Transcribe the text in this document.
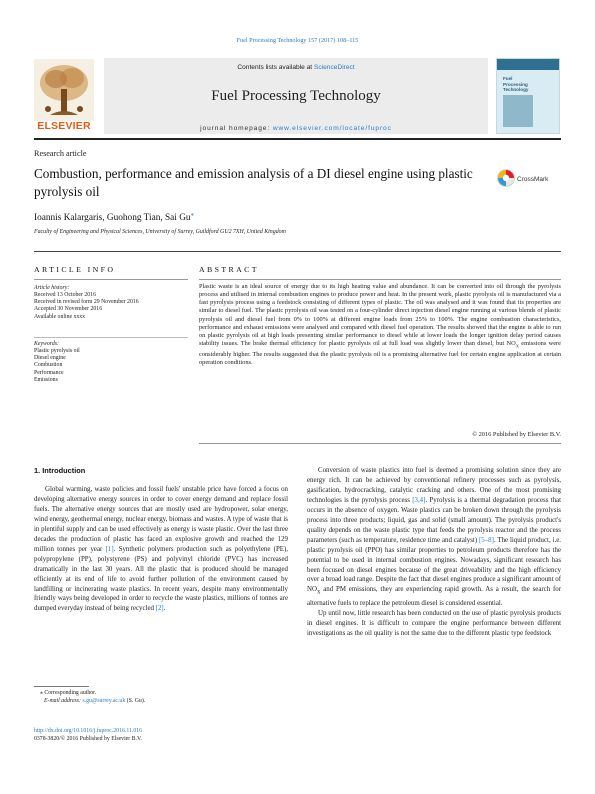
Fuel Processing Technology 157 (2017) 108–115
Contents lists available at ScienceDirect
Fuel Processing Technology
journal homepage: www.elsevier.com/locate/fuproc
ELSEVIER
Fuel
Processing
Technology
Research article
Combustion, performance and emission analysis of a DI diesel engine using plastic pyrolysis oil
CrossMark
Ioannis Kalargaris, Guohong Tian, Sai Gu⁎
Faculty of Engineering and Physical Sciences, University of Surrey, Guildford GU2 7XH, United Kingdom
ARTICLE INFO	ABSTRACT
Article history:
Received 13 October 2016
Received in revised form 29 November 2016
Accepted 30 November 2016
Available online xxxx
Keywords:
Plastic pyrolysis oil
Diesel engine
Combustion
Performance
Emissions
Plastic waste is an ideal source of energy due to its high heating value and abundance. It can be converted into oil through the pyrolysis process and utilised in internal combustion engines to produce power and heat. In the present work, plastic pyrolysis oil is manufactured via a fast pyrolysis process using a feedstock consisting of different types of plastic. The oil was analysed and it was found that its properties are similar to diesel fuel. The plastic pyrolysis oil was tested on a four-cylinder direct injection diesel engine running at various blends of plastic pyrolysis oil and diesel fuel from 0% to 100% at different engine loads from 25% to 100%. The engine combustion characteristics, performance and exhaust emissions were analysed and compared with diesel fuel operation. The results showed that the engine is able to run on plastic pyrolysis oil at high loads presenting similar performance to diesel while at lower loads the longer ignition delay period causes stability issues. The brake thermal efficiency for plastic pyrolysis oil at full load was slightly lower than diesel, but $NO_X$ emissions were considerably higher. The results suggested that the plastic pyrolysis oil is a promising alternative fuel for certain engine application at certain operation conditions.
© 2016 Published by Elsevier B.V.
1. Introduction

Global warming, waste policies and fossil fuels' unstable price have forced a focus on developing alternative energy sources in order to cover energy demand and replace fossil fuels. The alternative energy sources that are mostly used are hydropower, solar energy, wind energy, geothermal energy, nuclear energy, biomass and wastes. A type of waste that is in plentiful supply and can be used effectively as energy is waste plastic. Over the last three decades the production of plastic has faced an explosive growth and reached the 129 million tonnes per year [1]. Synthetic polymers production such as polyethylene (PE), polypropylene (PP), polystyrene (PS) and polyvinyl chloride (PVC) has increased dramatically in the last 30 years. All the plastic that is produced should be managed efficiently at its end of life to avoid further pollution of the environment caused by landfilling or incinerating waste plastics. In recent years, despite many environmentally friendly ways being developed in order to recycle the waste plastics, millions of tonnes are dumped everyday instead of being recycled [2].

Conversion of waste plastics into fuel is deemed a promising solution since they are energy rich. It can be achieved by conventional refinery processes such as pyrolysis, gasification, hydrocracking, catalytic cracking and others. One of the most promising technologies is the pyrolysis process [3,4]. Pyrolysis is a thermal degradation process that occurs in the absence of oxygen. Waste plastics can be broken down through the pyrolysis process into three products; liquid, gas and solid (small amount). The pyrolysis product's quality depends on the waste plastic type that feeds the pyrolysis reactor and the process parameters (such as temperature, residence time and catalyst) [5–8]. The liquid product, i.e. plastic pyrolysis oil (PPO) has similar properties to petroleum products therefore has the potential to be used in internal combustion engines. Nowadays, significant research has been focused on diesel engines because of the great driveability and the high efficiency over a broad load range. Despite the fact that diesel engines produce a significant amount of $NO_X$ and PM emissions, they are experiencing rapid growth. As a result, the search for alternative fuels to replace the petroleum diesel is considered essential.

Up until now, little research has been conducted on the use of plastic pyrolysis products in diesel engines. It is difficult to compare the engine performance between different investigations as the oil quality is not the same due to the different plastic type feedstock

⁎ Corresponding author.
E-mail address: s.gu@surrey.ac.uk (S. Gu).
http://dx.doi.org/10.1016/j.fuproc.2016.11.016
0378-3820/© 2016 Published by Elsevier B.V.
